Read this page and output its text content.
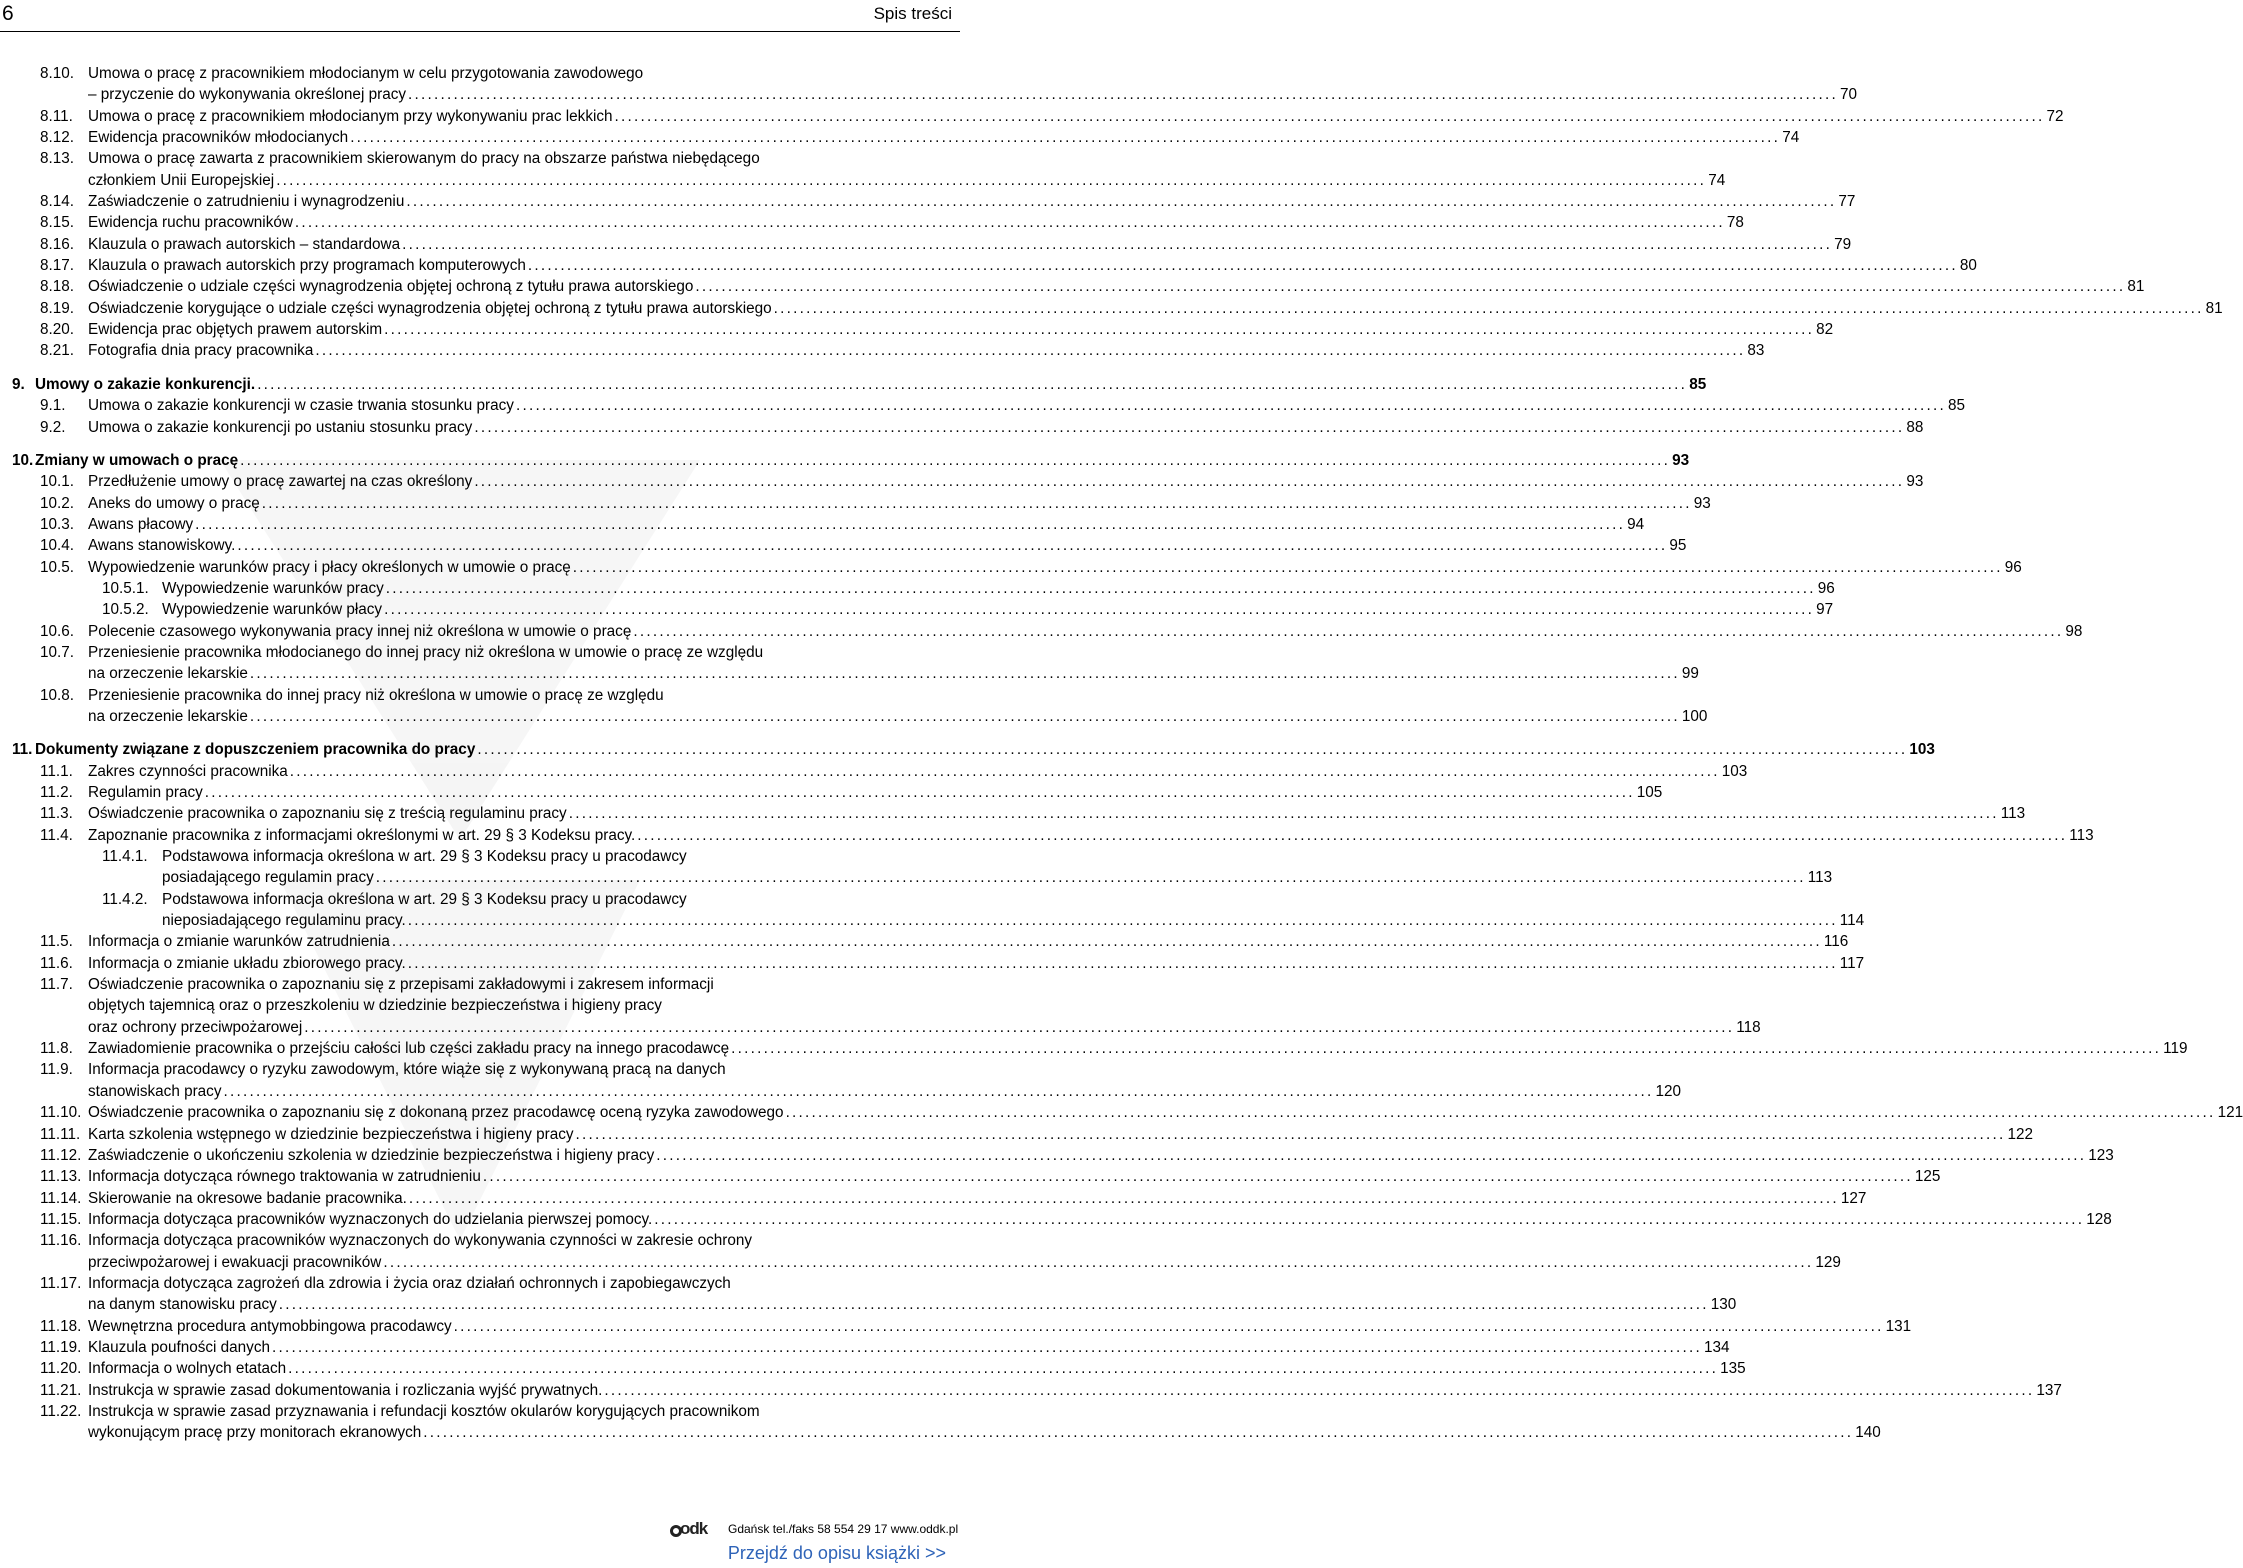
6	Spis treści
8.10. Umowa o pracę z pracownikiem młodocianym w celu przygotowania zawodowego
– przyczenie do wykonywania określonej pracy ............................................................................................................................................................................................................................ 70
8.11. Umowa o pracę z pracownikiem młodocianym przy wykonywaniu prac lekkich ............................................................................................................................................................................................................................ 72
8.12. Ewidencja pracowników młodocianych ............................................................................................................................................................................................................................ 74
8.13. Umowa o pracę zawarta z pracownikiem skierowanym do pracy na obszarze państwa niebędącego
członkiem Unii Europejskiej ............................................................................................................................................................................................................................ 74
8.14. Zaświadczenie o zatrudnieniu i wynagrodzeniu ............................................................................................................................................................................................................................ 77
8.15. Ewidencja ruchu pracowników ............................................................................................................................................................................................................................ 78
8.16. Klauzula o prawach autorskich – standardowa ............................................................................................................................................................................................................................ 79
8.17. Klauzula o prawach autorskich przy programach komputerowych ............................................................................................................................................................................................................................ 80
8.18. Oświadczenie o udziale części wynagrodzenia objętej ochroną z tytułu prawa autorskiego ............................................................................................................................................................................................................................ 81
8.19. Oświadczenie korygujące o udziale części wynagrodzenia objętej ochroną z tytułu prawa autorskiego ............................................................................................................................................................................................................................ 81
8.20. Ewidencja prac objętych prawem autorskim ............................................................................................................................................................................................................................ 82
8.21. Fotografia dnia pracy pracownika ............................................................................................................................................................................................................................ 83
9. Umowy o zakazie konkurencji. ............................................................................................................................................................................................................................ 85
9.1. Umowa o zakazie konkurencji w czasie trwania stosunku pracy ............................................................................................................................................................................................................................ 85
9.2. Umowa o zakazie konkurencji po ustaniu stosunku pracy ............................................................................................................................................................................................................................ 88
10. Zmiany w umowach o pracę ............................................................................................................................................................................................................................ 93
10.1. Przedłużenie umowy o pracę zawartej na czas określony ............................................................................................................................................................................................................................ 93
10.2. Aneks do umowy o pracę ............................................................................................................................................................................................................................ 93
10.3. Awans płacowy ............................................................................................................................................................................................................................ 94
10.4. Awans stanowiskowy. ............................................................................................................................................................................................................................ 95
10.5. Wypowiedzenie warunków pracy i płacy określonych w umowie o pracę ............................................................................................................................................................................................................................ 96
10.5.1. Wypowiedzenie warunków pracy ............................................................................................................................................................................................................................ 96
10.5.2. Wypowiedzenie warunków płacy ............................................................................................................................................................................................................................ 97
10.6. Polecenie czasowego wykonywania pracy innej niż określona w umowie o pracę ............................................................................................................................................................................................................................ 98
10.7. Przeniesienie pracownika młodocianego do innej pracy niż określona w umowie o pracę ze względu
na orzeczenie lekarskie ............................................................................................................................................................................................................................ 99
10.8. Przeniesienie pracownika do innej pracy niż określona w umowie o pracę ze względu
na orzeczenie lekarskie ............................................................................................................................................................................................................................ 100
11. Dokumenty związane z dopuszczeniem pracownika do pracy ............................................................................................................................................................................................................................ 103
11.1. Zakres czynności pracownika ............................................................................................................................................................................................................................ 103
11.2. Regulamin pracy ............................................................................................................................................................................................................................ 105
11.3. Oświadczenie pracownika o zapoznaniu się z treścią regulaminu pracy ............................................................................................................................................................................................................................ 113
11.4. Zapoznanie pracownika z informacjami określonymi w art. 29 § 3 Kodeksu pracy. ............................................................................................................................................................................................................................ 113
11.4.1. Podstawowa informacja określona w art. 29 § 3 Kodeksu pracy u pracodawcy
posiadającego regulamin pracy ............................................................................................................................................................................................................................ 113
11.4.2. Podstawowa informacja określona w art. 29 § 3 Kodeksu pracy u pracodawcy
nieposiadającego regulaminu pracy. ............................................................................................................................................................................................................................ 114
11.5. Informacja o zmianie warunków zatrudnienia ............................................................................................................................................................................................................................ 116
11.6. Informacja o zmianie układu zbiorowego pracy. ............................................................................................................................................................................................................................ 117
11.7. Oświadczenie pracownika o zapoznaniu się z przepisami zakładowymi i zakresem informacji
objętych tajemnicą oraz o przeszkoleniu w dziedzinie bezpieczeństwa i higieny pracy
oraz ochrony przeciwpożarowej ............................................................................................................................................................................................................................ 118
11.8. Zawiadomienie pracownika o przejściu całości lub części zakładu pracy na innego pracodawcę ............................................................................................................................................................................................................................ 119
11.9. Informacja pracodawcy o ryzyku zawodowym, które wiąże się z wykonywaną pracą na danych
stanowiskach pracy ............................................................................................................................................................................................................................ 120
11.10. Oświadczenie pracownika o zapoznaniu się z dokonaną przez pracodawcę oceną ryzyka zawodowego ............................................................................................................................................................................................................................ 121
11.11. Karta szkolenia wstępnego w dziedzinie bezpieczeństwa i higieny pracy ............................................................................................................................................................................................................................ 122
11.12. Zaświadczenie o ukończeniu szkolenia w dziedzinie bezpieczeństwa i higieny pracy ............................................................................................................................................................................................................................ 123
11.13. Informacja dotycząca równego traktowania w zatrudnieniu ............................................................................................................................................................................................................................ 125
11.14. Skierowanie na okresowe badanie pracownika. ............................................................................................................................................................................................................................ 127
11.15. Informacja dotycząca pracowników wyznaczonych do udzielania pierwszej pomocy. ............................................................................................................................................................................................................................ 128
11.16. Informacja dotycząca pracowników wyznaczonych do wykonywania czynności w zakresie ochrony
przeciwpożarowej i ewakuacji pracowników ............................................................................................................................................................................................................................ 129
11.17. Informacja dotycząca zagrożeń dla zdrowia i życia oraz działań ochronnych i zapobiegawczych
na danym stanowisku pracy ............................................................................................................................................................................................................................ 130
11.18. Wewnętrzna procedura antymobbingowa pracodawcy ............................................................................................................................................................................................................................ 131
11.19. Klauzula poufności danych ............................................................................................................................................................................................................................ 134
11.20. Informacja o wolnych etatach ............................................................................................................................................................................................................................ 135
11.21. Instrukcja w sprawie zasad dokumentowania i rozliczania wyjść prywatnych. ............................................................................................................................................................................................................................ 137
11.22. Instrukcja w sprawie zasad przyznawania i refundacji kosztów okularów korygujących pracownikom
wykonującym pracę przy monitorach ekranowych ............................................................................................................................................................................................................................ 140
odk Gdańsk tel./faks 58 554 29 17 www.oddk.pl
Przejdź do opisu książki >>
